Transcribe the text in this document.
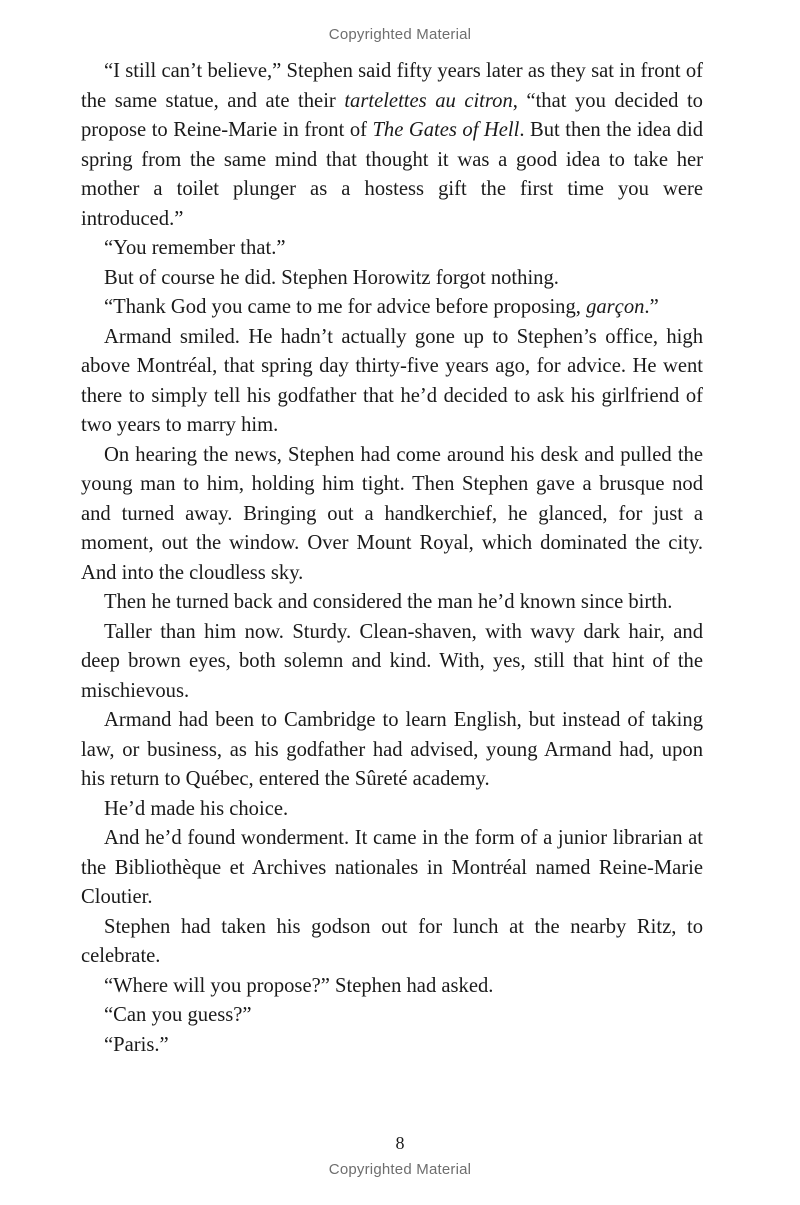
Copyrighted Material

“I still can’t believe,” Stephen said fifty years later as they sat in front of the same statue, and ate their tartelettes au citron, “that you decided to propose to Reine-Marie in front of The Gates of Hell. But then the idea did spring from the same mind that thought it was a good idea to take her mother a toilet plunger as a hostess gift the first time you were introduced.”

“You remember that.”

But of course he did. Stephen Horowitz forgot nothing.

“Thank God you came to me for advice before proposing, garçon.”

Armand smiled. He hadn’t actually gone up to Stephen’s office, high above Montréal, that spring day thirty-five years ago, for advice. He went there to simply tell his godfather that he’d decided to ask his girlfriend of two years to marry him.

On hearing the news, Stephen had come around his desk and pulled the young man to him, holding him tight. Then Stephen gave a brusque nod and turned away. Bringing out a handkerchief, he glanced, for just a moment, out the window. Over Mount Royal, which dominated the city. And into the cloudless sky.

Then he turned back and considered the man he’d known since birth.

Taller than him now. Sturdy. Clean-shaven, with wavy dark hair, and deep brown eyes, both solemn and kind. With, yes, still that hint of the mischievous.

Armand had been to Cambridge to learn English, but instead of taking law, or business, as his godfather had advised, young Armand had, upon his return to Québec, entered the Sûreté academy.

He’d made his choice.

And he’d found wonderment. It came in the form of a junior librarian at the Bibliothèque et Archives nationales in Montréal named Reine-Marie Cloutier.

Stephen had taken his godson out for lunch at the nearby Ritz, to celebrate.

“Where will you propose?” Stephen had asked.

“Can you guess?”

“Paris.”

8
Copyrighted Material
